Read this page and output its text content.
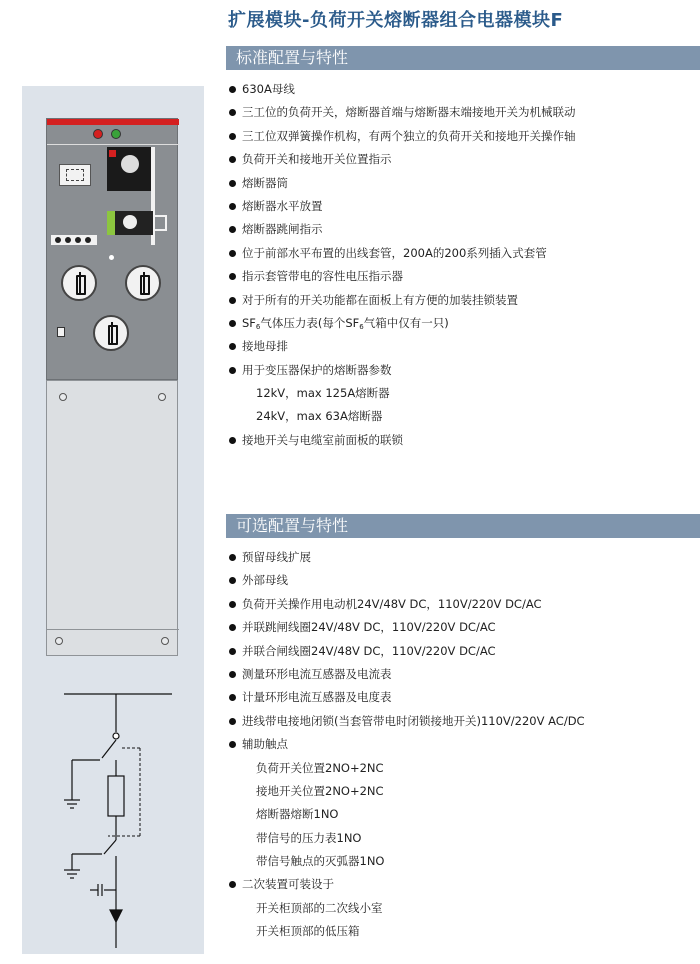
扩展模块-负荷开关熔断器组合电器模块F
标准配置与特性
630A母线
三工位的负荷开关，熔断器首端与熔断器末端接地开关为机械联动
三工位双弹簧操作机构，有两个独立的负荷开关和接地开关操作轴
负荷开关和接地开关位置指示
熔断器筒
熔断器水平放置
熔断器跳闸指示
位于前部水平布置的出线套管，200A的200系列插入式套管
指示套管带电的容性电压指示器
对于所有的开关功能都在面板上有方便的加装挂锁装置
$SF_6$气体压力表(每个$SF_6$气箱中仅有一只)
接地母排
用于变压器保护的熔断器参数
12kV，max 125A熔断器
24kV，max 63A熔断器
接地开关与电缆室前面板的联锁
可选配置与特性
预留母线扩展
外部母线
负荷开关操作用电动机24V/48V DC，110V/220V DC/AC
并联跳闸线圈24V/48V DC，110V/220V DC/AC
并联合闸线圈24V/48V DC，110V/220V DC/AC
测量环形电流互感器及电流表
计量环形电流互感器及电度表
进线带电接地闭锁(当套管带电时闭锁接地开关)110V/220V AC/DC
辅助触点
负荷开关位置2NO+2NC
接地开关位置2NO+2NC
熔断器熔断1NO
带信号的压力表1NO
带信号触点的灭弧器1NO
二次装置可装设于
开关柜顶部的二次线小室
开关柜顶部的低压箱
